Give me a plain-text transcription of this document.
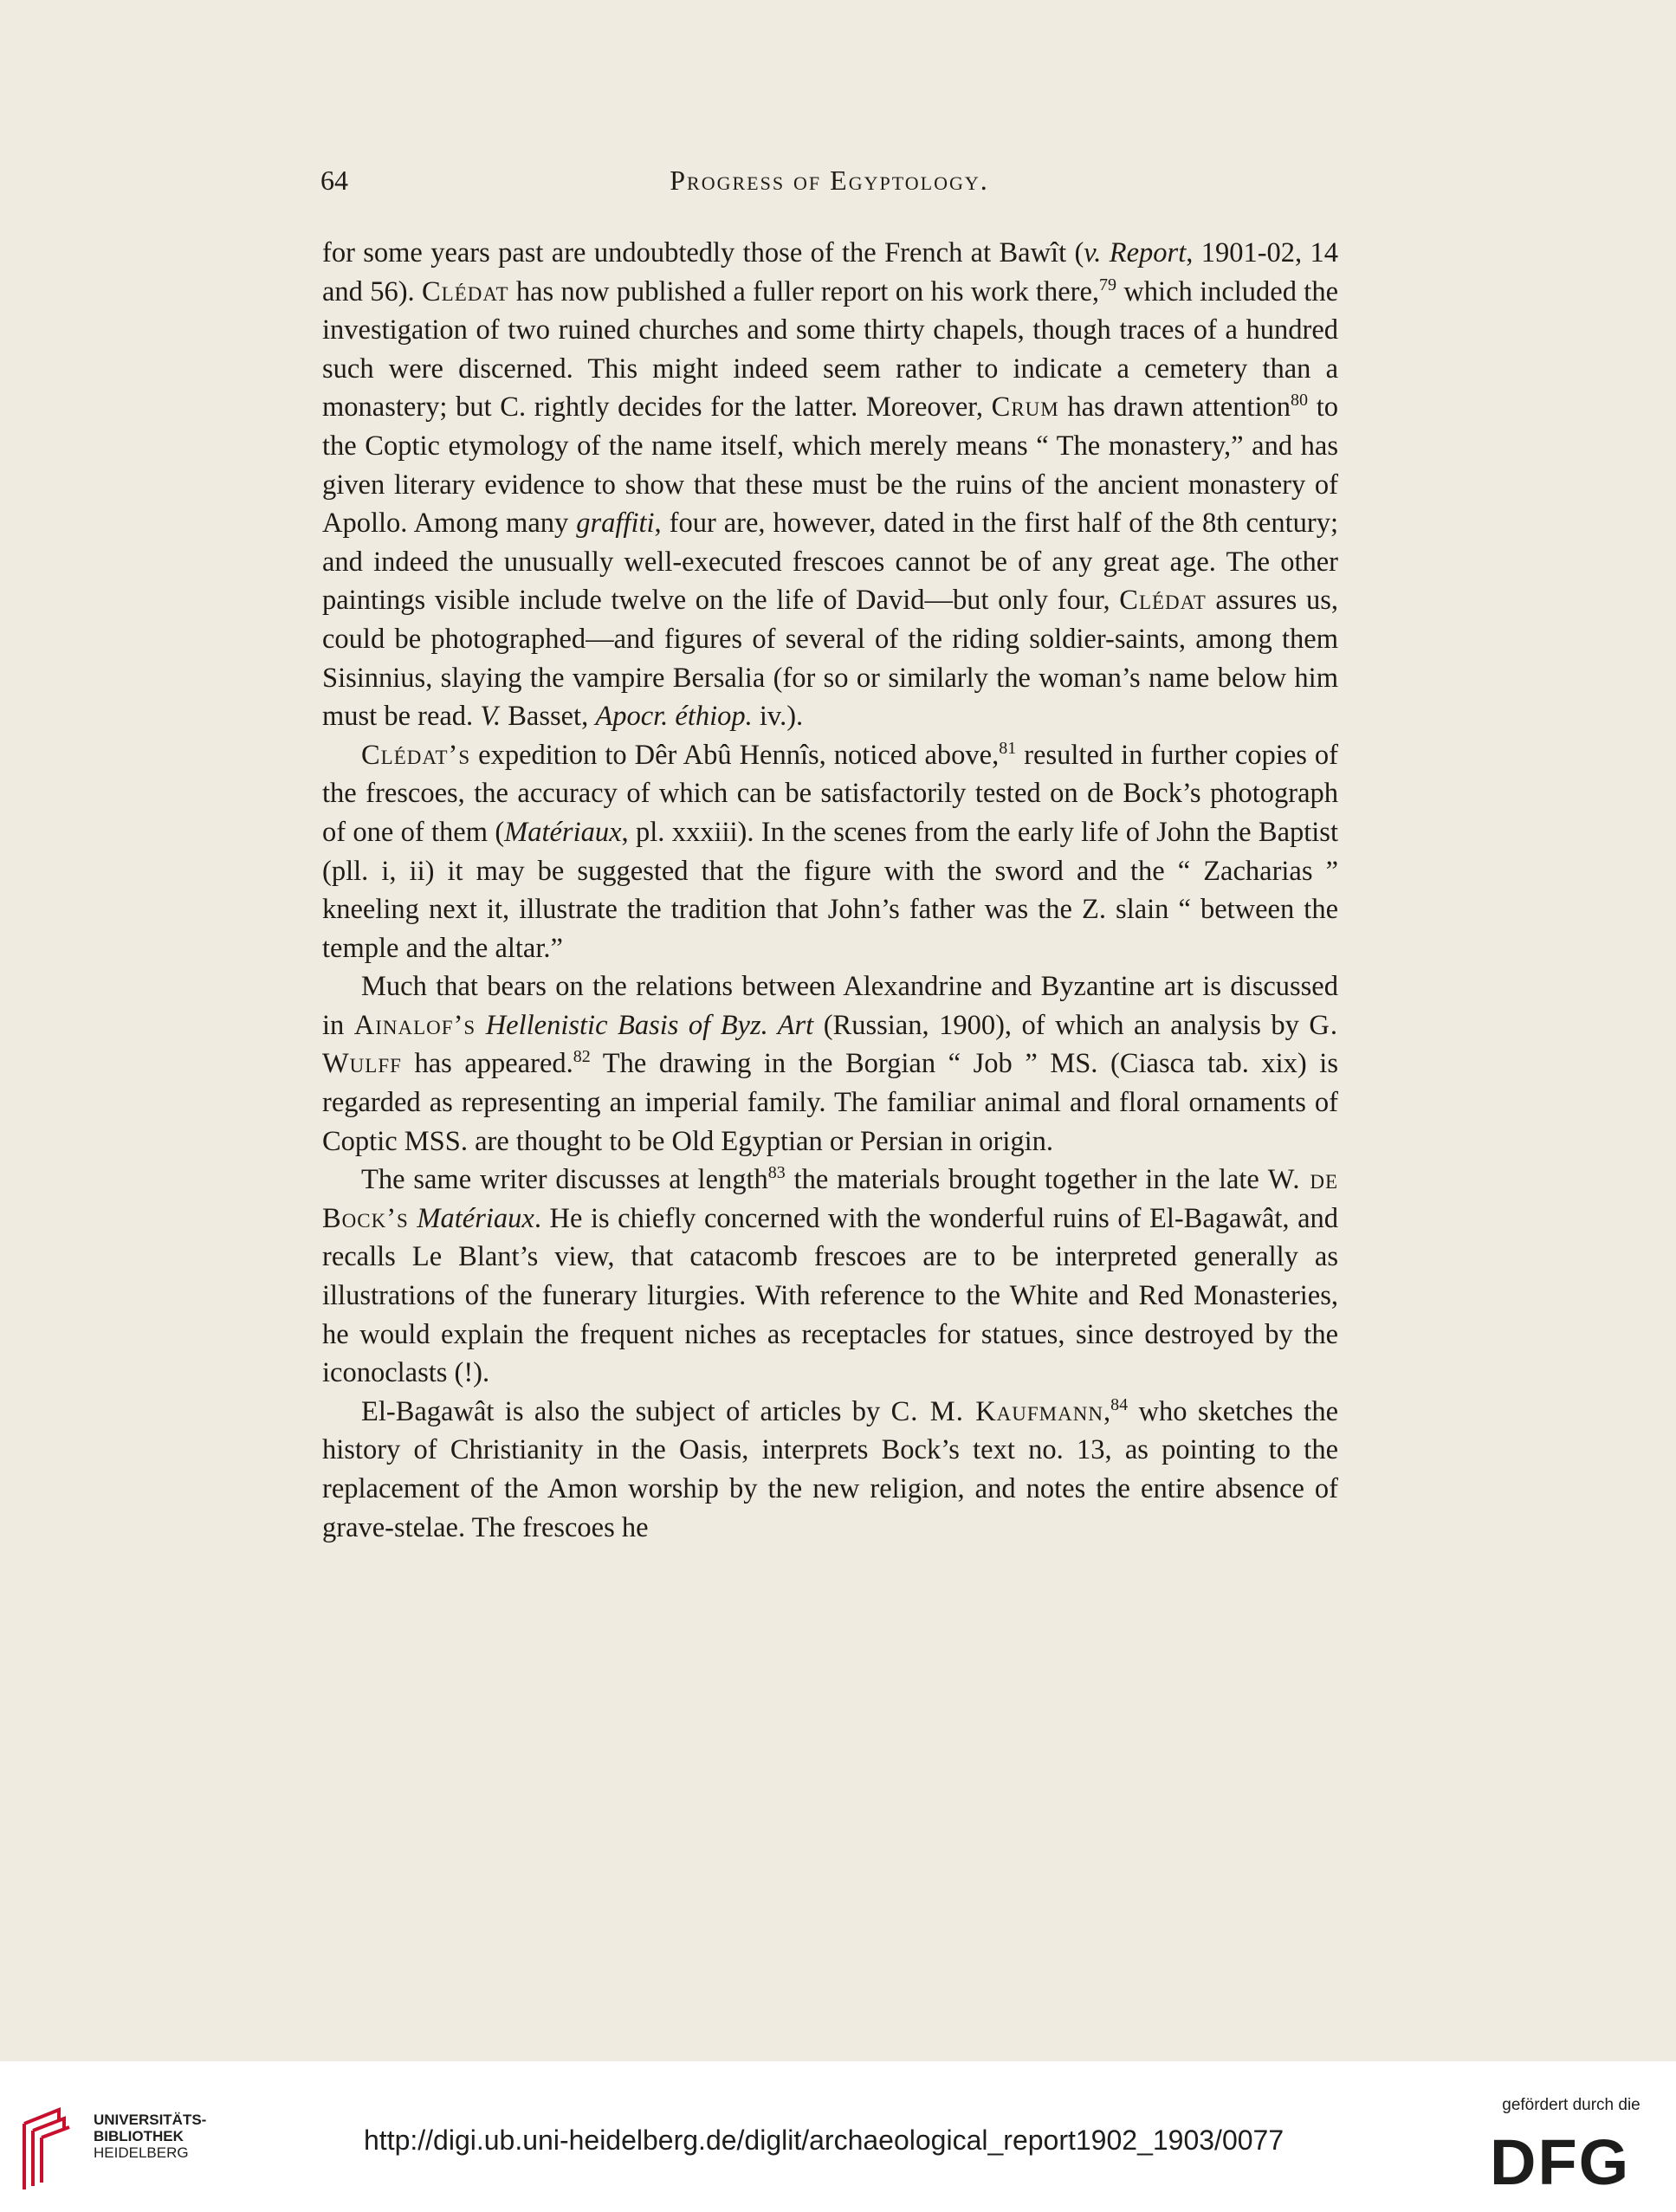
64	Progress of Egyptology.

for some years past are undoubtedly those of the French at Bawît (v. Report, 1901-02, 14 and 56). Clédat has now published a fuller report on his work there,$^{79}$ which included the investigation of two ruined churches and some thirty chapels, though traces of a hundred such were discerned. This might indeed seem rather to indicate a cemetery than a monastery; but C. rightly decides for the latter. Moreover, Crum has drawn attention$^{80}$ to the Coptic etymology of the name itself, which merely means “ The monastery,” and has given literary evidence to show that these must be the ruins of the ancient monastery of Apollo. Among many graffiti, four are, however, dated in the first half of the 8th century; and indeed the unusually well-executed frescoes cannot be of any great age. The other paintings visible include twelve on the life of David—but only four, Clédat assures us, could be photographed—and figures of several of the riding soldier-saints, among them Sisinnius, slaying the vampire Bersalia (for so or similarly the woman’s name below him must be read. V. Basset, Apocr. éthiop. iv.).

Clédat’s expedition to Dêr Abû Hennîs, noticed above,$^{81}$ resulted in further copies of the frescoes, the accuracy of which can be satisfactorily tested on de Bock’s photograph of one of them (Matériaux, pl. xxxiii). In the scenes from the early life of John the Baptist (pll. i, ii) it may be suggested that the figure with the sword and the “ Zacharias ” kneeling next it, illustrate the tradition that John’s father was the Z. slain “ between the temple and the altar.”

Much that bears on the relations between Alexandrine and Byzantine art is discussed in Ainalof’s Hellenistic Basis of Byz. Art (Russian, 1900), of which an analysis by G. Wulff has appeared.$^{82}$ The drawing in the Borgian “ Job ” MS. (Ciasca tab. xix) is regarded as representing an imperial family. The familiar animal and floral ornaments of Coptic MSS. are thought to be Old Egyptian or Persian in origin.

The same writer discusses at length$^{83}$ the materials brought together in the late W. de Bock’s Matériaux. He is chiefly concerned with the wonderful ruins of El-Bagawât, and recalls Le Blant’s view, that catacomb frescoes are to be interpreted generally as illustrations of the funerary liturgies. With reference to the White and Red Monasteries, he would explain the frequent niches as receptacles for statues, since destroyed by the iconoclasts (!).

El-Bagawât is also the subject of articles by C. M. Kaufmann,$^{84}$ who sketches the history of Christianity in the Oasis, interprets Bock’s text no. 13, as pointing to the replacement of the Amon worship by the new religion, and notes the entire absence of grave-stelae. The frescoes he

UNIVERSITÄTS-
BIBLIOTHEK
HEIDELBERG	http://digi.ub.uni-heidelberg.de/diglit/archaeological_report1902_1903/0077
gefördert durch die
DFG
